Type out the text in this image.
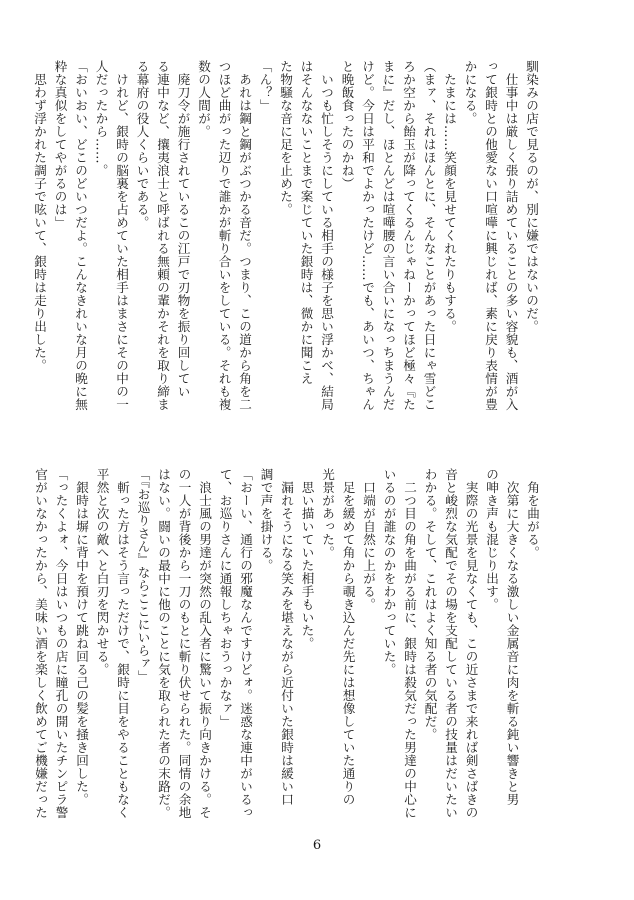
馴染みの店で見るのが、別に嫌ではないのだ。
　仕事中は厳しく張り詰めていることの多い容貌も、酒が入
って銀時との他愛ない口喧嘩に興じれば、素に戻り表情が豊
かになる。
　たまには……笑顔を見せてくれたりもする。
（まァ、それはほんとに、そんなことがあった日にゃ雪どこ
ろか空から飴玉が降ってくるんじゃねーかってほど極々『た
まに』だし、ほとんどは喧嘩腰の言い合いになっちまうんだ
けど。今日は平和でよかったけど……でも、あいつ、ちゃん
と晩飯食ったのかね）
　いつも忙しそうにしている相手の様子を思い浮かべ、結局
はそんなないことまで案じていた銀時は、微かに聞こえ
た物騒な音に足を止めた。
「ん？」
　あれは鋼と鋼がぶつかる音だ。つまり、この道から角を二
つほど曲がった辺りで誰かが斬り合いをしている。それも複
数の人間が。
　廃刀令が施行されているこの江戸で刃物を振り回してい
る連中など、攘夷浪士と呼ばれる無頼の輩かそれを取り締ま
る幕府の役人くらいである。
　けれど、銀時の脳裏を占めていた相手はまさにその中の一
人だったから……。
「おいおい、どこのどいつだよ。こんなきれいな月の晩に無
粋な真似をしてやがるのは」
　思わず浮かれた調子で呟いて、銀時は走り出した。
　角を曲がる。
　次第に大きくなる激しい金属音に肉を斬る鈍い響きと男
の呻き声も混じり出す。
　実際の光景を見なくても、この近さまで来れば剣さばきの
音と峻烈な気配でその場を支配している者の技量はだいたい
わかる。そして、これはよく知る者の気配だ。
　二つ目の角を曲がる前に、銀時は殺気だった男達の中心に
いるのが誰なのかをわかっていた。
　口端が自然に上がる。
　足を緩めて角から覗き込んだ先には想像していた通りの
光景があった。
　思い描いていた相手もいた。
　漏れそうになる笑みを堪えながら近付いた銀時は緩い口
調で声を掛ける。
「おーい、通行の邪魔なんですけどォ。迷惑な連中がいるっ
て、お巡りさんに通報しちゃおうっかなァ」
　浪士風の男達が突然の乱入者に驚いて振り向きかける。そ
の一人が背後から一刀のもとに斬り伏せられた。同情の余地
はない。闘いの最中に他のことに気を取られた者の末路だ。
「『お巡りさん』ならここにいらァ」
　斬った方はそう言っただけで、銀時に目をやることもなく
平然と次の敵へと白刃を閃かせる。
　銀時は塀に背中を預けて跳ね回る己の髪を掻き回した。
「ったくよォ、今日はいつもの店に瞳孔の開いたチンピラ警
官がいなかったから、美味い酒を楽しく飲めてご機嫌だった
6
